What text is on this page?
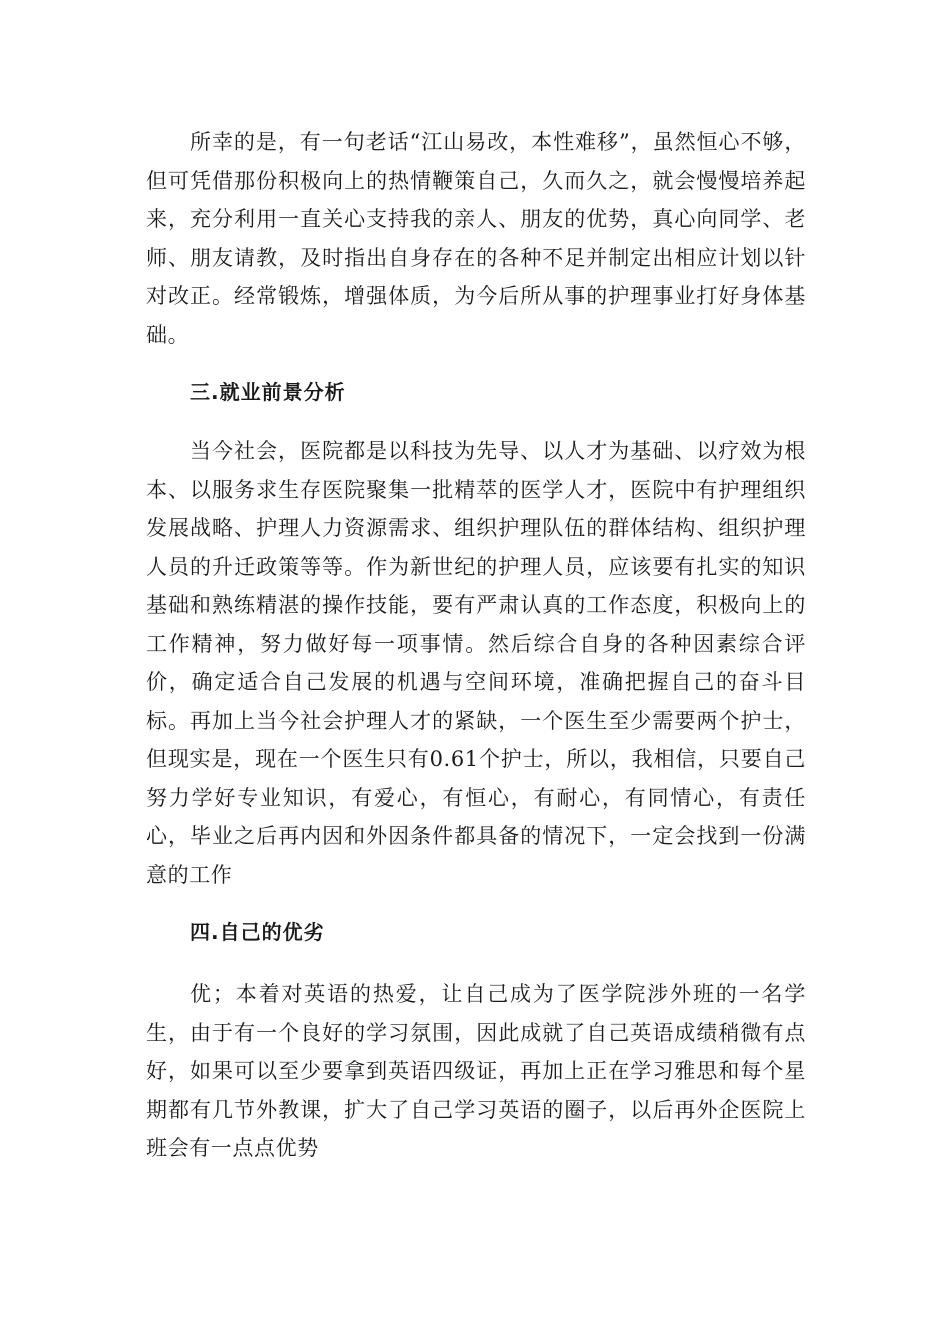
所幸的是，有一句老话“江山易改，本性难移”，虽然恒心不够，但可凭借那份积极向上的热情鞭策自己，久而久之，就会慢慢培养起来，充分利用一直关心支持我的亲人、朋友的优势，真心向同学、老师、朋友请教，及时指出自身存在的各种不足并制定出相应计划以针对改正。经常锻炼，增强体质，为今后所从事的护理事业打好身体基础。

三.就业前景分析

当今社会，医院都是以科技为先导、以人才为基础、以疗效为根本、以服务求生存医院聚集一批精萃的医学人才，医院中有护理组织发展战略、护理人力资源需求、组织护理队伍的群体结构、组织护理人员的升迁政策等等。作为新世纪的护理人员，应该要有扎实的知识基础和熟练精湛的操作技能，要有严肃认真的工作态度，积极向上的工作精神，努力做好每一项事情。然后综合自身的各种因素综合评价，确定适合自己发展的机遇与空间环境，准确把握自己的奋斗目标。再加上当今社会护理人才的紧缺，一个医生至少需要两个护士，但现实是，现在一个医生只有0.61个护士，所以，我相信，只要自己努力学好专业知识，有爱心，有恒心，有耐心，有同情心，有责任心，毕业之后再内因和外因条件都具备的情况下，一定会找到一份满意的工作

四.自己的优劣

优；本着对英语的热爱，让自己成为了医学院涉外班的一名学生，由于有一个良好的学习氛围，因此成就了自己英语成绩稍微有点好，如果可以至少要拿到英语四级证，再加上正在学习雅思和每个星期都有几节外教课，扩大了自己学习英语的圈子，以后再外企医院上班会有一点点优势
